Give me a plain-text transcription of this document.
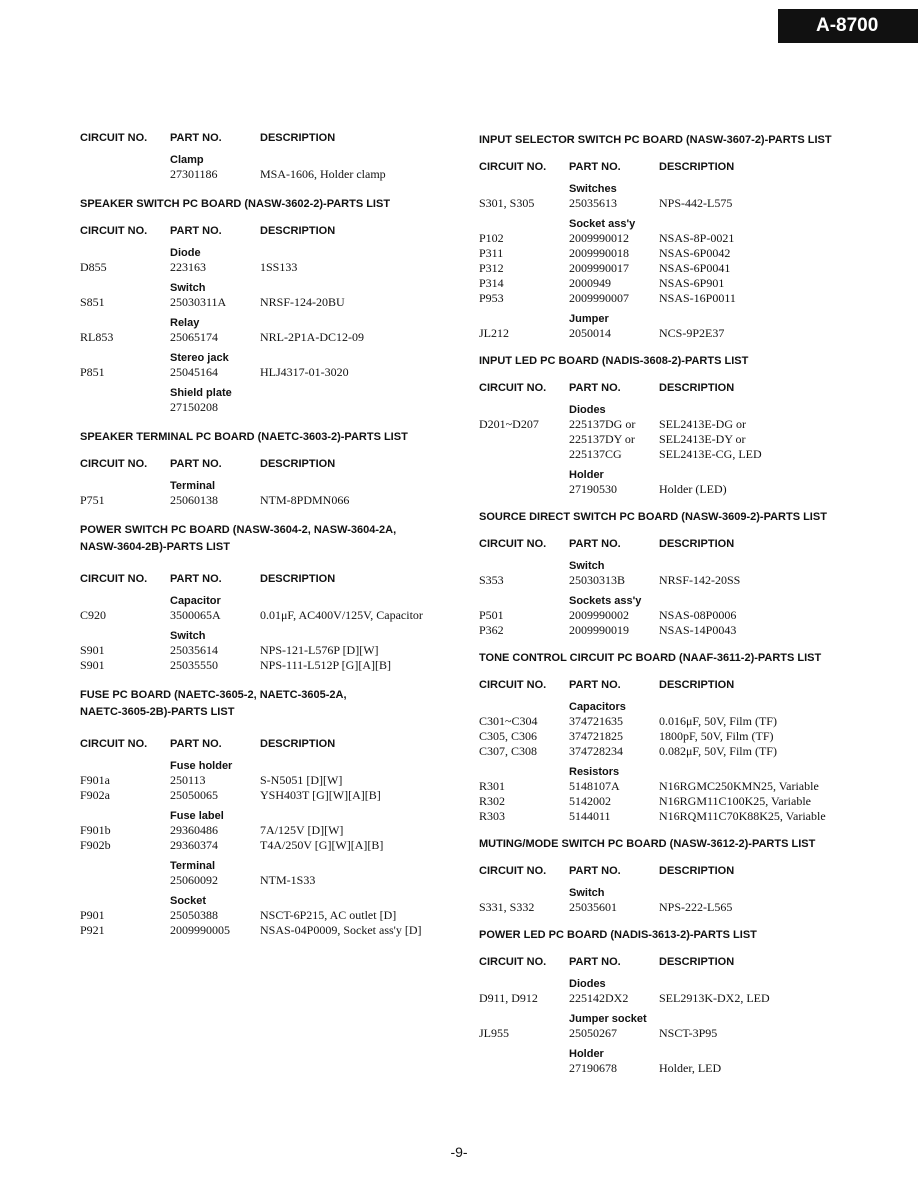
A-8700
CIRCUIT NO.	PART NO.	DESCRIPTION
Clamp
27301186	MSA-1606, Holder clamp
SPEAKER SWITCH PC BOARD (NASW-3602-2)-PARTS LIST
CIRCUIT NO.	PART NO.	DESCRIPTION
Diode
D855	223163	1SS133
Switch
S851	25030311A	NRSF-124-20BU
Relay
RL853	25065174	NRL-2P1A-DC12-09
Stereo jack
P851	25045164	HLJ4317-01-3020
Shield plate
27150208
SPEAKER TERMINAL PC BOARD (NAETC-3603-2)-PARTS LIST
CIRCUIT NO.	PART NO.	DESCRIPTION
Terminal
P751	25060138	NTM-8PDMN066
POWER SWITCH PC BOARD (NASW-3604-2, NASW-3604-2A,
NASW-3604-2B)-PARTS LIST
CIRCUIT NO.	PART NO.	DESCRIPTION
Capacitor
C920	3500065A	0.01μF, AC400V/125V, Capacitor
Switch
S901	25035614	NPS-121-L576P [D][W]
S901	25035550	NPS-111-L512P [G][A][B]
FUSE PC BOARD (NAETC-3605-2, NAETC-3605-2A,
NAETC-3605-2B)-PARTS LIST
CIRCUIT NO.	PART NO.	DESCRIPTION
Fuse holder
F901a	250113	S-N5051 [D][W]
F902a	25050065	YSH403T [G][W][A][B]
Fuse label
F901b	29360486	7A/125V [D][W]
F902b	29360374	T4A/250V [G][W][A][B]
Terminal
25060092	NTM-1S33
Socket
P901	25050388	NSCT-6P215, AC outlet [D]
P921	2009990005	NSAS-04P0009, Socket ass'y [D]
INPUT SELECTOR SWITCH PC BOARD (NASW-3607-2)-PARTS LIST
CIRCUIT NO.	PART NO.	DESCRIPTION
Switches
S301, S305	25035613	NPS-442-L575
Socket ass'y
P102	2009990012	NSAS-8P-0021
P311	2009990018	NSAS-6P0042
P312	2009990017	NSAS-6P0041
P314	2000949	NSAS-6P901
P953	2009990007	NSAS-16P0011
Jumper
JL212	2050014	NCS-9P2E37
INPUT LED PC BOARD (NADIS-3608-2)-PARTS LIST
CIRCUIT NO.	PART NO.	DESCRIPTION
Diodes
D201~D207	225137DG or	SEL2413E-DG or
225137DY or	SEL2413E-DY or
225137CG	SEL2413E-CG, LED
Holder
27190530	Holder (LED)
SOURCE DIRECT SWITCH PC BOARD (NASW-3609-2)-PARTS LIST
CIRCUIT NO.	PART NO.	DESCRIPTION
Switch
S353	25030313B	NRSF-142-20SS
Sockets ass'y
P501	2009990002	NSAS-08P0006
P362	2009990019	NSAS-14P0043
TONE CONTROL CIRCUIT PC BOARD (NAAF-3611-2)-PARTS LIST
CIRCUIT NO.	PART NO.	DESCRIPTION
Capacitors
C301~C304	374721635	0.016μF, 50V, Film (TF)
C305, C306	374721825	1800pF, 50V, Film (TF)
C307, C308	374728234	0.082μF, 50V, Film (TF)
Resistors
R301	5148107A	N16RGMC250KMN25, Variable
R302	5142002	N16RGM11C100K25, Variable
R303	5144011	N16RQM11C70K88K25, Variable
MUTING/MODE SWITCH PC BOARD (NASW-3612-2)-PARTS LIST
CIRCUIT NO.	PART NO.	DESCRIPTION
Switch
S331, S332	25035601	NPS-222-L565
POWER LED PC BOARD (NADIS-3613-2)-PARTS LIST
CIRCUIT NO.	PART NO.	DESCRIPTION
Diodes
D911, D912	225142DX2	SEL2913K-DX2, LED
Jumper socket
JL955	25050267	NSCT-3P95
Holder
27190678	Holder, LED
-9-
